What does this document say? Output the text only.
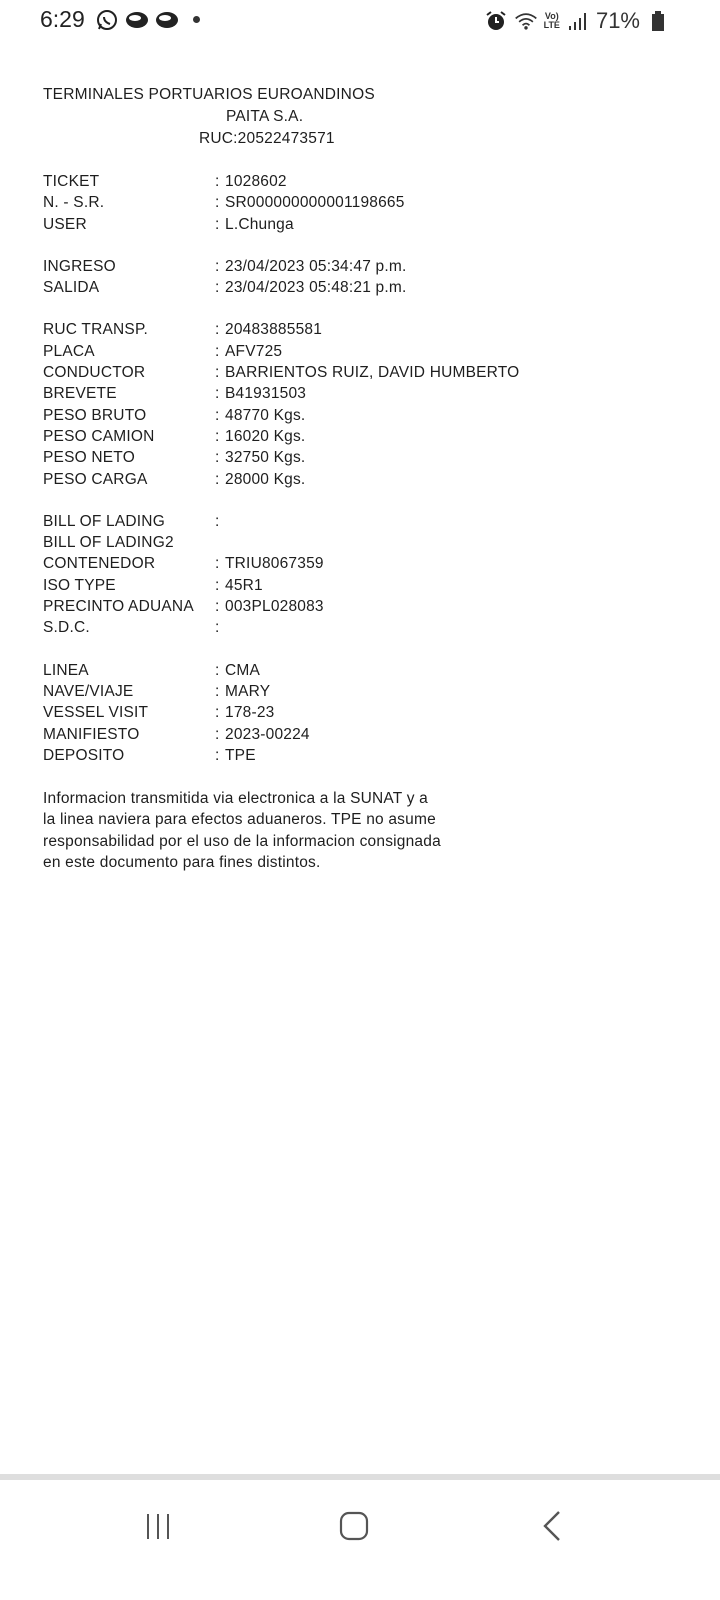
6:29	Vo)
LTE 71%
TERMINALES PORTUARIOS EUROANDINOS
PAITA S.A.
RUC:20522473571
TICKET	: 1028602
N. - S.R.	: SR000000000001198665
USER	: L.Chunga
INGRESO	: 23/04/2023 05:34:47 p.m.
SALIDA	: 23/04/2023 05:48:21 p.m.
RUC TRANSP.	: 20483885581
PLACA	: AFV725
CONDUCTOR	: BARRIENTOS RUIZ, DAVID HUMBERTO
BREVETE	: B41931503
PESO BRUTO	: 48770 Kgs.
PESO CAMION	: 16020 Kgs.
PESO NETO	: 32750 Kgs.
PESO CARGA	: 28000 Kgs.
BILL OF LADING	:
BILL OF LADING2
CONTENEDOR	: TRIU8067359
ISO TYPE	: 45R1
PRECINTO ADUANA	: 003PL028083
S.D.C.	:
LINEA	: CMA
NAVE/VIAJE	: MARY
VESSEL VISIT	: 178-23
MANIFIESTO	: 2023-00224
DEPOSITO	: TPE
Informacion transmitida via electronica a la SUNAT y a
la linea naviera para efectos aduaneros. TPE no asume
responsabilidad por el uso de la informacion consignada
en este documento para fines distintos.
